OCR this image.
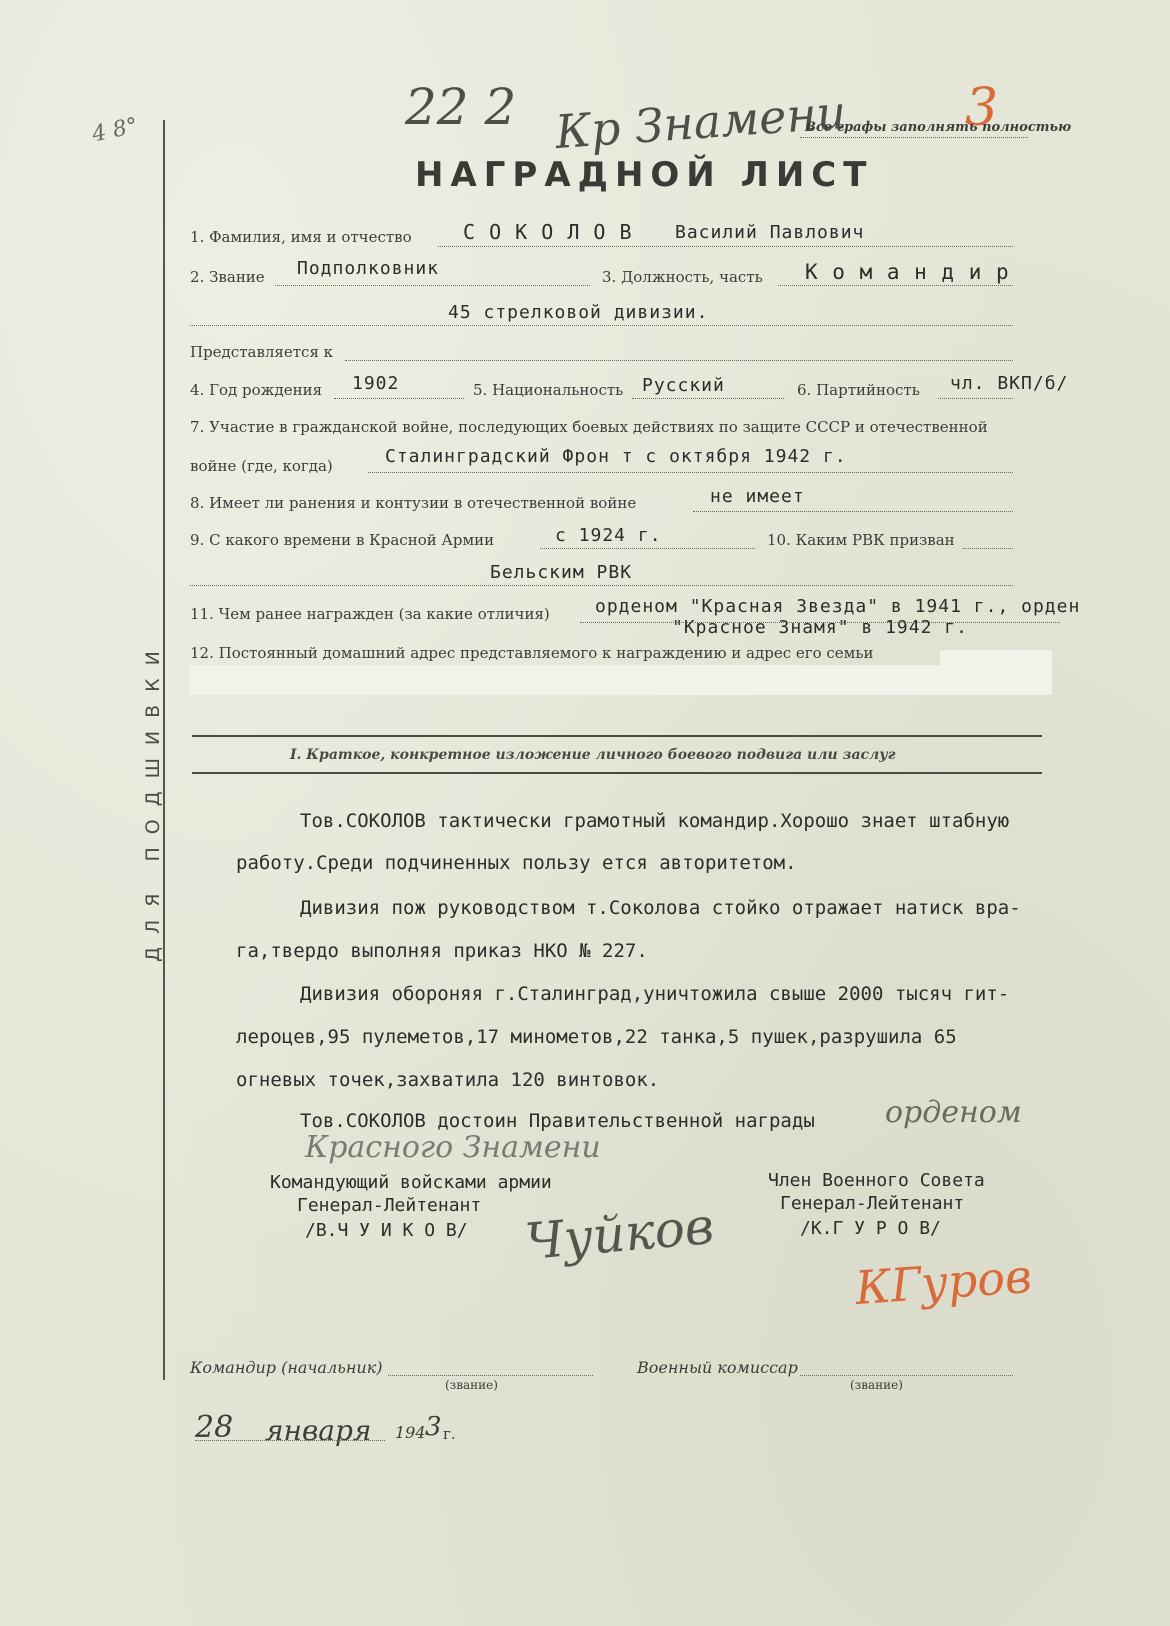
4 8°	22 2 Кр Знамени 3
Все графы заполнять полностью
НАГРАДНОЙ ЛИСТ
ДЛЯ ПОДШИВКИ
1. Фамилия, имя и отчество	С О К О Л О В Василий Павлович
2. Звание Подполковник	3. Должность, часть К о м а н д и р
45 стрелковой дивизии.
Представляется к
4. Год рождения 1902	5. Национальность Русский	6. Партийность чл. ВКП/б/
7. Участие в гражданской войне, последующих боевых действиях по защите СССР и отечественной
войне (где, когда)	Сталинградский Фрон т с октября 1942 г.
8. Имеет ли ранения и контузии в отечественной войне	не имеет
9. С какого времени в Красной Армии	с 1924 г.	10. Каким РВК призван
Бельским РВК
11. Чем ранее награжден (за какие отличия)	орденом "Красная Звезда" в 1941 г., орден
"Красное Знамя" в 1942 г.
12. Постоянный домашний адрес представляемого к награждению и адрес его семьи
I. Краткое, конкретное изложение личного боевого подвига или заслуг
Тов.СОКОЛОВ тактически грамотный командир.Хорошо знает штабную
работу.Среди подчиненных пользу ется авторитетом.
Дивизия пож руководством т.Соколова стойко отражает натиск вра-
га,твердо выполняя приказ НКО № 227.
Дивизия обороняя г.Сталинград,уничтожила свыше 2000 тысяч гит-
лероцев,95 пулеметов,17 минометов,22 танка,5 пушек,разрушила 65
огневых точек,захватила 120 винтовок.
Тов.СОКОЛОВ достоин Правительственной награды орденом
Красного Знамени
Командующий войсками армии
Генерал-Лейтенант
/В.Ч У И К О В/ Чуйков
Член Военного Совета
Генерал-Лейтенант
/К.Г У Р О В/
КГуров
Командир (начальник)
(звание)
Военный комиссар
(звание)
28 января 194 3 г.
